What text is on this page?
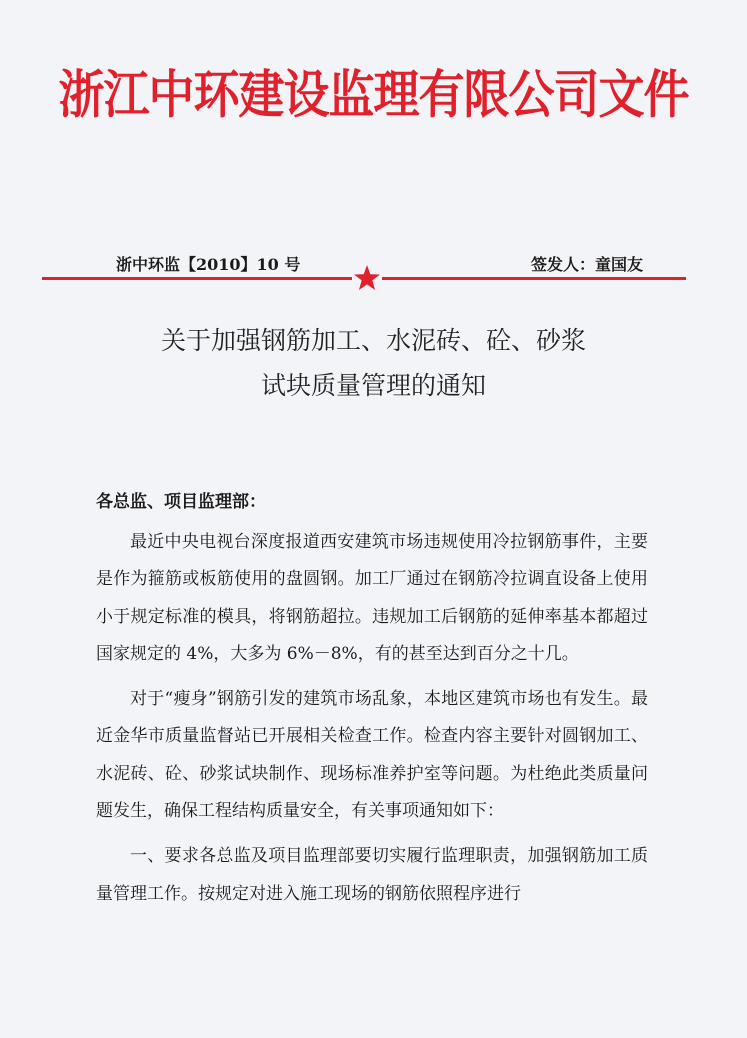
浙江中环建设监理有限公司文件
浙中环监【2010】10 号	签发人：童国友
关于加强钢筋加工、水泥砖、砼、砂浆
试块质量管理的通知
各总监、项目监理部：

最近中央电视台深度报道西安建筑市场违规使用冷拉钢筋事件，主要是作为箍筋或板筋使用的盘圆钢。加工厂通过在钢筋冷拉调直设备上使用小于规定标准的模具，将钢筋超拉。违规加工后钢筋的延伸率基本都超过国家规定的 4%，大多为 6%－8%，有的甚至达到百分之十几。

对于“瘦身”钢筋引发的建筑市场乱象，本地区建筑市场也有发生。最近金华市质量监督站已开展相关检查工作。检查内容主要针对圆钢加工、水泥砖、砼、砂浆试块制作、现场标准养护室等问题。为杜绝此类质量问题发生，确保工程结构质量安全，有关事项通知如下：

一、要求各总监及项目监理部要切实履行监理职责，加强钢筋加工质量管理工作。按规定对进入施工现场的钢筋依照程序进行
